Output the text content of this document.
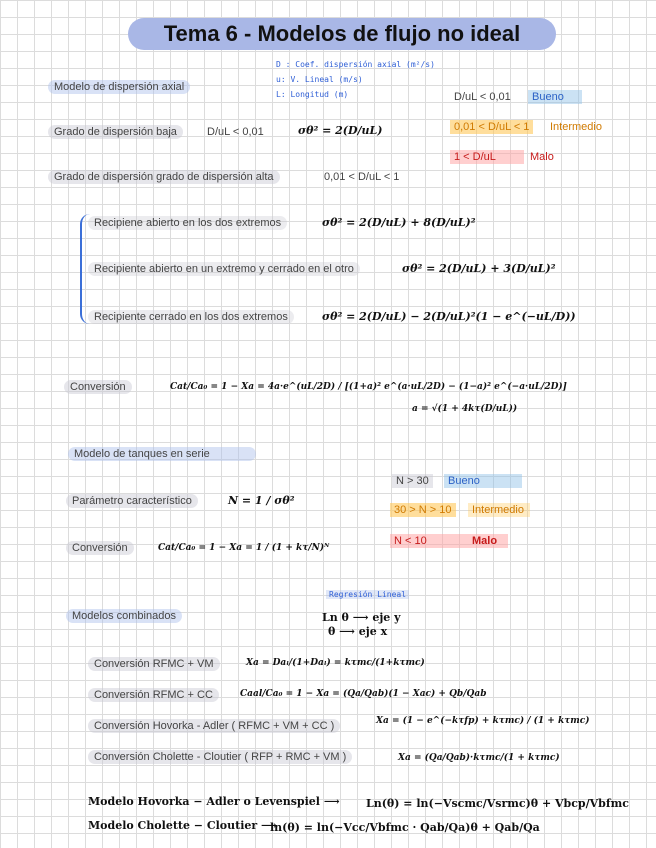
Tema 6 - Modelos de flujo no ideal
D : Coef. dispersión axial (m²/s)
u: V. Lineal (m/s)
L: Longitud (m)
Modelo de dispersión axial
D/uL < 0,01	Bueno
0,01 < D/uL < 1	Intermedio
1 < D/uL	Malo
Grado de dispersión baja	D/uL < 0,01	σθ² = 2(D/uL)
Grado de dispersión grado de dispersión alta	0,01 < D/uL < 1
Recipiene abierto en los dos extremos	σθ² = 2(D/uL) + 8(D/uL)²
Recipiente abierto en un extremo y cerrado en el otro	σθ² = 2(D/uL) + 3(D/uL)²
Recipiente cerrado en los dos extremos	σθ² = 2(D/uL) − 2(D/uL)²(1 − e^(−uL/D))
Conversión	Cat/Ca₀ = 1 − Xa = 4a·e^(uL/2D) / [(1+a)² e^(a·uL/2D) − (1−a)² e^(−a·uL/2D)]
a = √(1 + 4kτ(D/uL))
Modelo de tanques en serie
N > 30	Bueno
30 > N > 10	Intermedio
N < 10	Malo
Parámetro característico	N = 1 / σθ²
Conversión	Cat/Ca₀ = 1 − Xa = 1 / (1 + kτ/N)ᴺ
Regresión Lineal
Ln θ ⟶ eje y
θ ⟶ eje x
Modelos combinados
Conversión RFMC + VM	Xa = Daₗ/(1+Daₗ) = kτmc/(1+kτmc)
Conversión RFMC + CC	Caal/Ca₀ = 1 − Xa = (Qa/Qab)(1 − Xac) + Qb/Qab
Conversión Hovorka - Adler ( RFMC + VM + CC )	Xa = (1 − e^(−kτfp) + kτmc) / (1 + kτmc)
Conversión Cholette - Cloutier ( RFP + RMC + VM )	Xa = (Qa/Qab)·kτmc/(1 + kτmc)
Modelo Hovorka − Adler o Levenspiel ⟶ Ln(θ) = ln(−Vscmc/Vsrmc)θ + Vbcp/Vbfmc
Modelo Cholette − Cloutier ⟶
ln(θ) = ln(−Vcc/Vbfmc · Qab/Qa)θ + Qab/Qa
